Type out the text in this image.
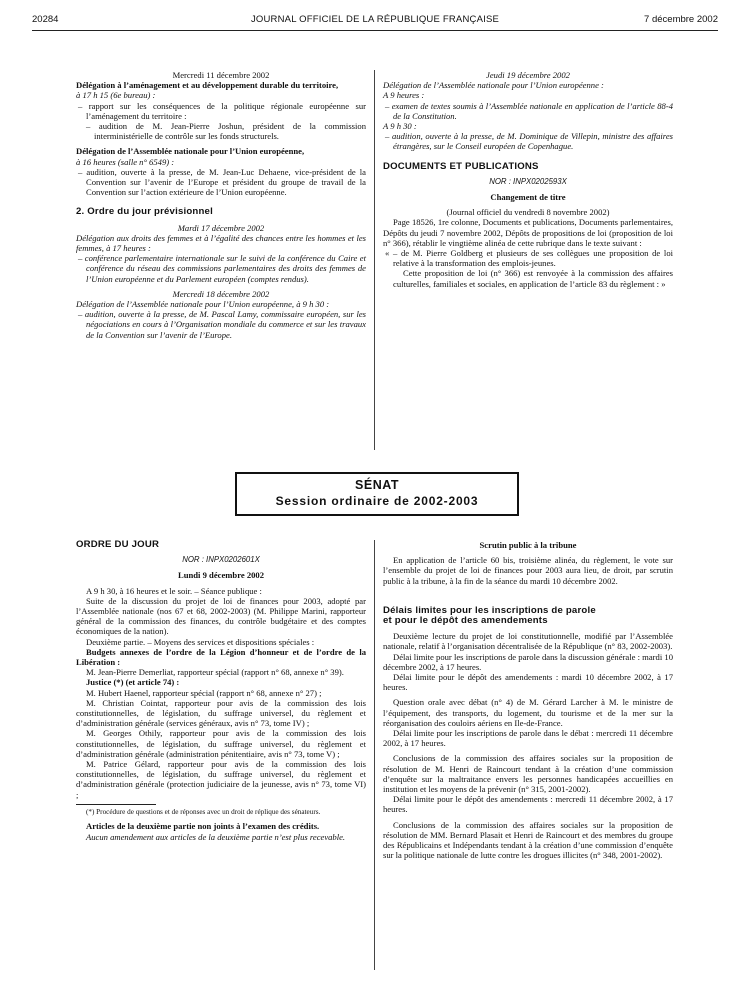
20284	JOURNAL OFFICIEL DE LA RÉPUBLIQUE FRANÇAISE	7 décembre 2002

Mercredi 11 décembre 2002

Délégation à l’aménagement et au développement durable du territoire,

à 17 h 15 (6e bureau) :

– rapport sur les conséquences de la politique régionale européenne sur l’aménagement du territoire :

– audition de M. Jean-Pierre Joshun, président de la commission interministérielle de contrôle sur les fonds structurels.

Délégation de l’Assemblée nationale pour l’Union européenne,

à 16 heures (salle n° 6549) :

– audition, ouverte à la presse, de M. Jean-Luc Dehaene, vice-président de la Convention sur l’avenir de l’Europe et président du groupe de travail de la Convention sur l’action extérieure de l’Union européenne.

2. Ordre du jour prévisionnel

Mardi 17 décembre 2002

Délégation aux droits des femmes et à l’égalité des chances entre les hommes et les femmes, à 17 heures :

– conférence parlementaire internationale sur le suivi de la conférence du Caire et conférence du réseau des commissions parlementaires des droits des femmes de l’Union européenne et du Parlement européen (comptes rendus).

Mercredi 18 décembre 2002

Délégation de l’Assemblée nationale pour l’Union européenne, à 9 h 30 :

– audition, ouverte à la presse, de M. Pascal Lamy, commissaire européen, sur les négociations en cours à l’Organisation mondiale du commerce et sur les travaux de la Convention sur l’avenir de l’Europe.

Jeudi 19 décembre 2002

Délégation de l’Assemblée nationale pour l’Union européenne :

A 9 heures :

– examen de textes soumis à l’Assemblée nationale en application de l’article 88-4 de la Constitution.

A 9 h 30 :

– audition, ouverte à la presse, de M. Dominique de Villepin, ministre des affaires étrangères, sur le Conseil européen de Copenhague.

DOCUMENTS ET PUBLICATIONS

NOR : INPX0202593X

Changement de titre

(Journal officiel du vendredi 8 novembre 2002)

Page 18526, 1re colonne, Documents et publications, Documents parlementaires, Dépôts du jeudi 7 novembre 2002, Dépôts de propositions de loi (proposition de loi n° 366), rétablir le vingtième alinéa de cette rubrique dans le texte suivant :

« – de M. Pierre Goldberg et plusieurs de ses collègues une proposition de loi relative à la transformation des emplois-jeunes.

Cette proposition de loi (n° 366) est renvoyée à la commission des affaires culturelles, familiales et sociales, en application de l’article 83 du règlement : »

SÉNAT
Session ordinaire de 2002-2003

ORDRE DU JOUR

NOR : INPX0202601X

Lundi 9 décembre 2002

A 9 h 30, à 16 heures et le soir. – Séance publique :

Suite de la discussion du projet de loi de finances pour 2003, adopté par l’Assemblée nationale (nos 67 et 68, 2002-2003) (M. Philippe Marini, rapporteur général de la commission des finances, du contrôle budgétaire et des comptes économiques de la nation).

Deuxième partie. – Moyens des services et dispositions spéciales :

Budgets annexes de l’ordre de la Légion d’honneur et de l’ordre de la Libération :

M. Jean-Pierre Demerliat, rapporteur spécial (rapport n° 68, annexe n° 39).

Justice (*) (et article 74) :

M. Hubert Haenel, rapporteur spécial (rapport n° 68, annexe n° 27) ;

M. Christian Cointat, rapporteur pour avis de la commission des lois constitutionnelles, de législation, du suffrage universel, du règlement et d’administration générale (services généraux, avis n° 73, tome IV) ;

M. Georges Othily, rapporteur pour avis de la commission des lois constitutionnelles, de législation, du suffrage universel, du règlement et d’administration générale (administration pénitentiaire, avis n° 73, tome V) ;

M. Patrice Gélard, rapporteur pour avis de la commission des lois constitutionnelles, de législation, du suffrage universel, du règlement et d’administration générale (protection judiciaire de la jeunesse, avis n° 73, tome VI) ;

(*) Procédure de questions et de réponses avec un droit de réplique des sénateurs.

Articles de la deuxième partie non joints à l’examen des crédits.

Aucun amendement aux articles de la deuxième partie n’est plus recevable.

Scrutin public à la tribune

En application de l’article 60 bis, troisième alinéa, du règlement, le vote sur l’ensemble du projet de loi de finances pour 2003 aura lieu, de droit, par scrutin public à la tribune, à la fin de la séance du mardi 10 décembre 2002.

Délais limites pour les inscriptions de parole

et pour le dépôt des amendements

Deuxième lecture du projet de loi constitutionnelle, modifié par l’Assemblée nationale, relatif à l’organisation décentralisée de la République (n° 83, 2002-2003).

Délai limite pour les inscriptions de parole dans la discussion générale : mardi 10 décembre 2002, à 17 heures.

Délai limite pour le dépôt des amendements : mardi 10 décembre 2002, à 17 heures.

Question orale avec débat (n° 4) de M. Gérard Larcher à M. le ministre de l’équipement, des transports, du logement, du tourisme et de la mer sur la réorganisation des couloirs aériens en Ile-de-France.

Délai limite pour les inscriptions de parole dans le débat : mercredi 11 décembre 2002, à 17 heures.

Conclusions de la commission des affaires sociales sur la proposition de résolution de M. Henri de Raincourt tendant à la création d’une commission d’enquête sur la maltraitance envers les personnes handicapées accueillies en institution et les moyens de la prévenir (n° 315, 2001-2002).

Délai limite pour le dépôt des amendements : mercredi 11 décembre 2002, à 17 heures.

Conclusions de la commission des affaires sociales sur la proposition de résolution de MM. Bernard Plasait et Henri de Raincourt et des membres du groupe des Républicains et Indépendants tendant à la création d’une commission d’enquête sur la politique nationale de lutte contre les drogues illicites (n° 348, 2001-2002).
